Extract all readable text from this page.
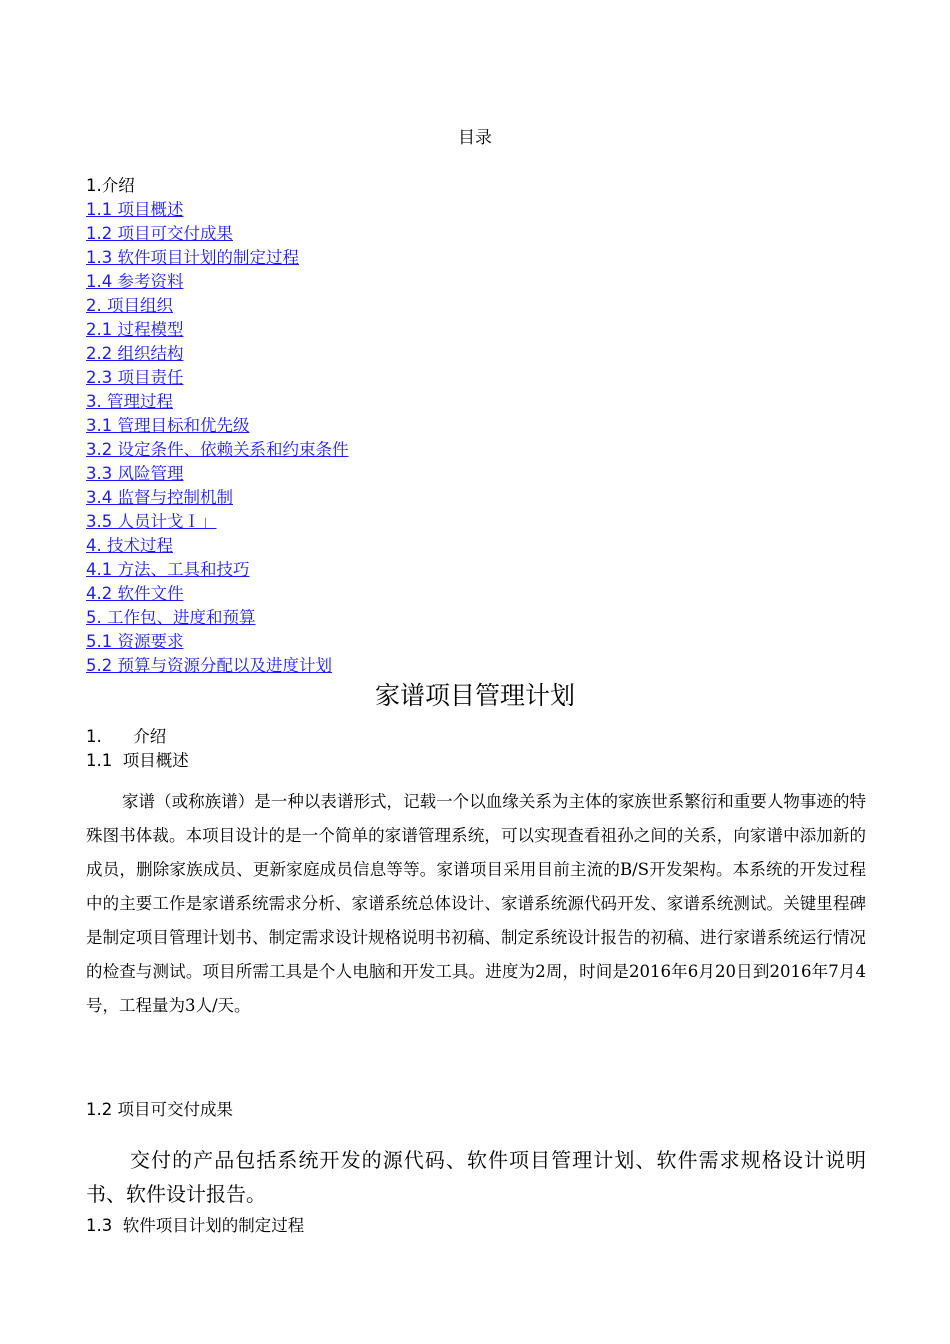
目录
1.介绍
1.1 项目概述
1.2 项目可交付成果
1.3 软件项目计划的制定过程
1.4 参考资料
2. 项目组织
2.1 过程模型
2.2 组织结构
2.3 项目责任
3. 管理过程
3.1 管理目标和优先级
3.2 设定条件、依赖关系和约束条件
3.3 风险管理
3.4 监督与控制机制
3.5 人员计戈Ｉ」
4. 技术过程
4.1 方法、工具和技巧
4.2 软件文件
5. 工作包、进度和预算
5.1 资源要求
5.2 预算与资源分配以及进度计划
家谱项目管理计划
1.      介绍
1.1  项目概述

家谱（或称族谱）是一种以表谱形式，记载一个以血缘关系为主体的家族世系繁衍和重要人物事迹的特殊图书体裁。本项目设计的是一个简单的家谱管理系统，可以实现查看祖孙之间的关系，向家谱中添加新的成员，删除家族成员、更新家庭成员信息等等。家谱项目采用目前主流的B/S开发架构。本系统的开发过程中的主要工作是家谱系统需求分析、家谱系统总体设计、家谱系统源代码开发、家谱系统测试。关键里程碑是制定项目管理计划书、制定需求设计规格说明书初稿、制定系统设计报告的初稿、进行家谱系统运行情况的检查与测试。项目所需工具是个人电脑和开发工具。进度为2周，时间是2016年6月20日到2016年7月4号，工程量为3人/天。

1.2 项目可交付成果

交付的产品包括系统开发的源代码、软件项目管理计划、软件需求规格设计说明书、软件设计报告。

1.3  软件项目计划的制定过程
